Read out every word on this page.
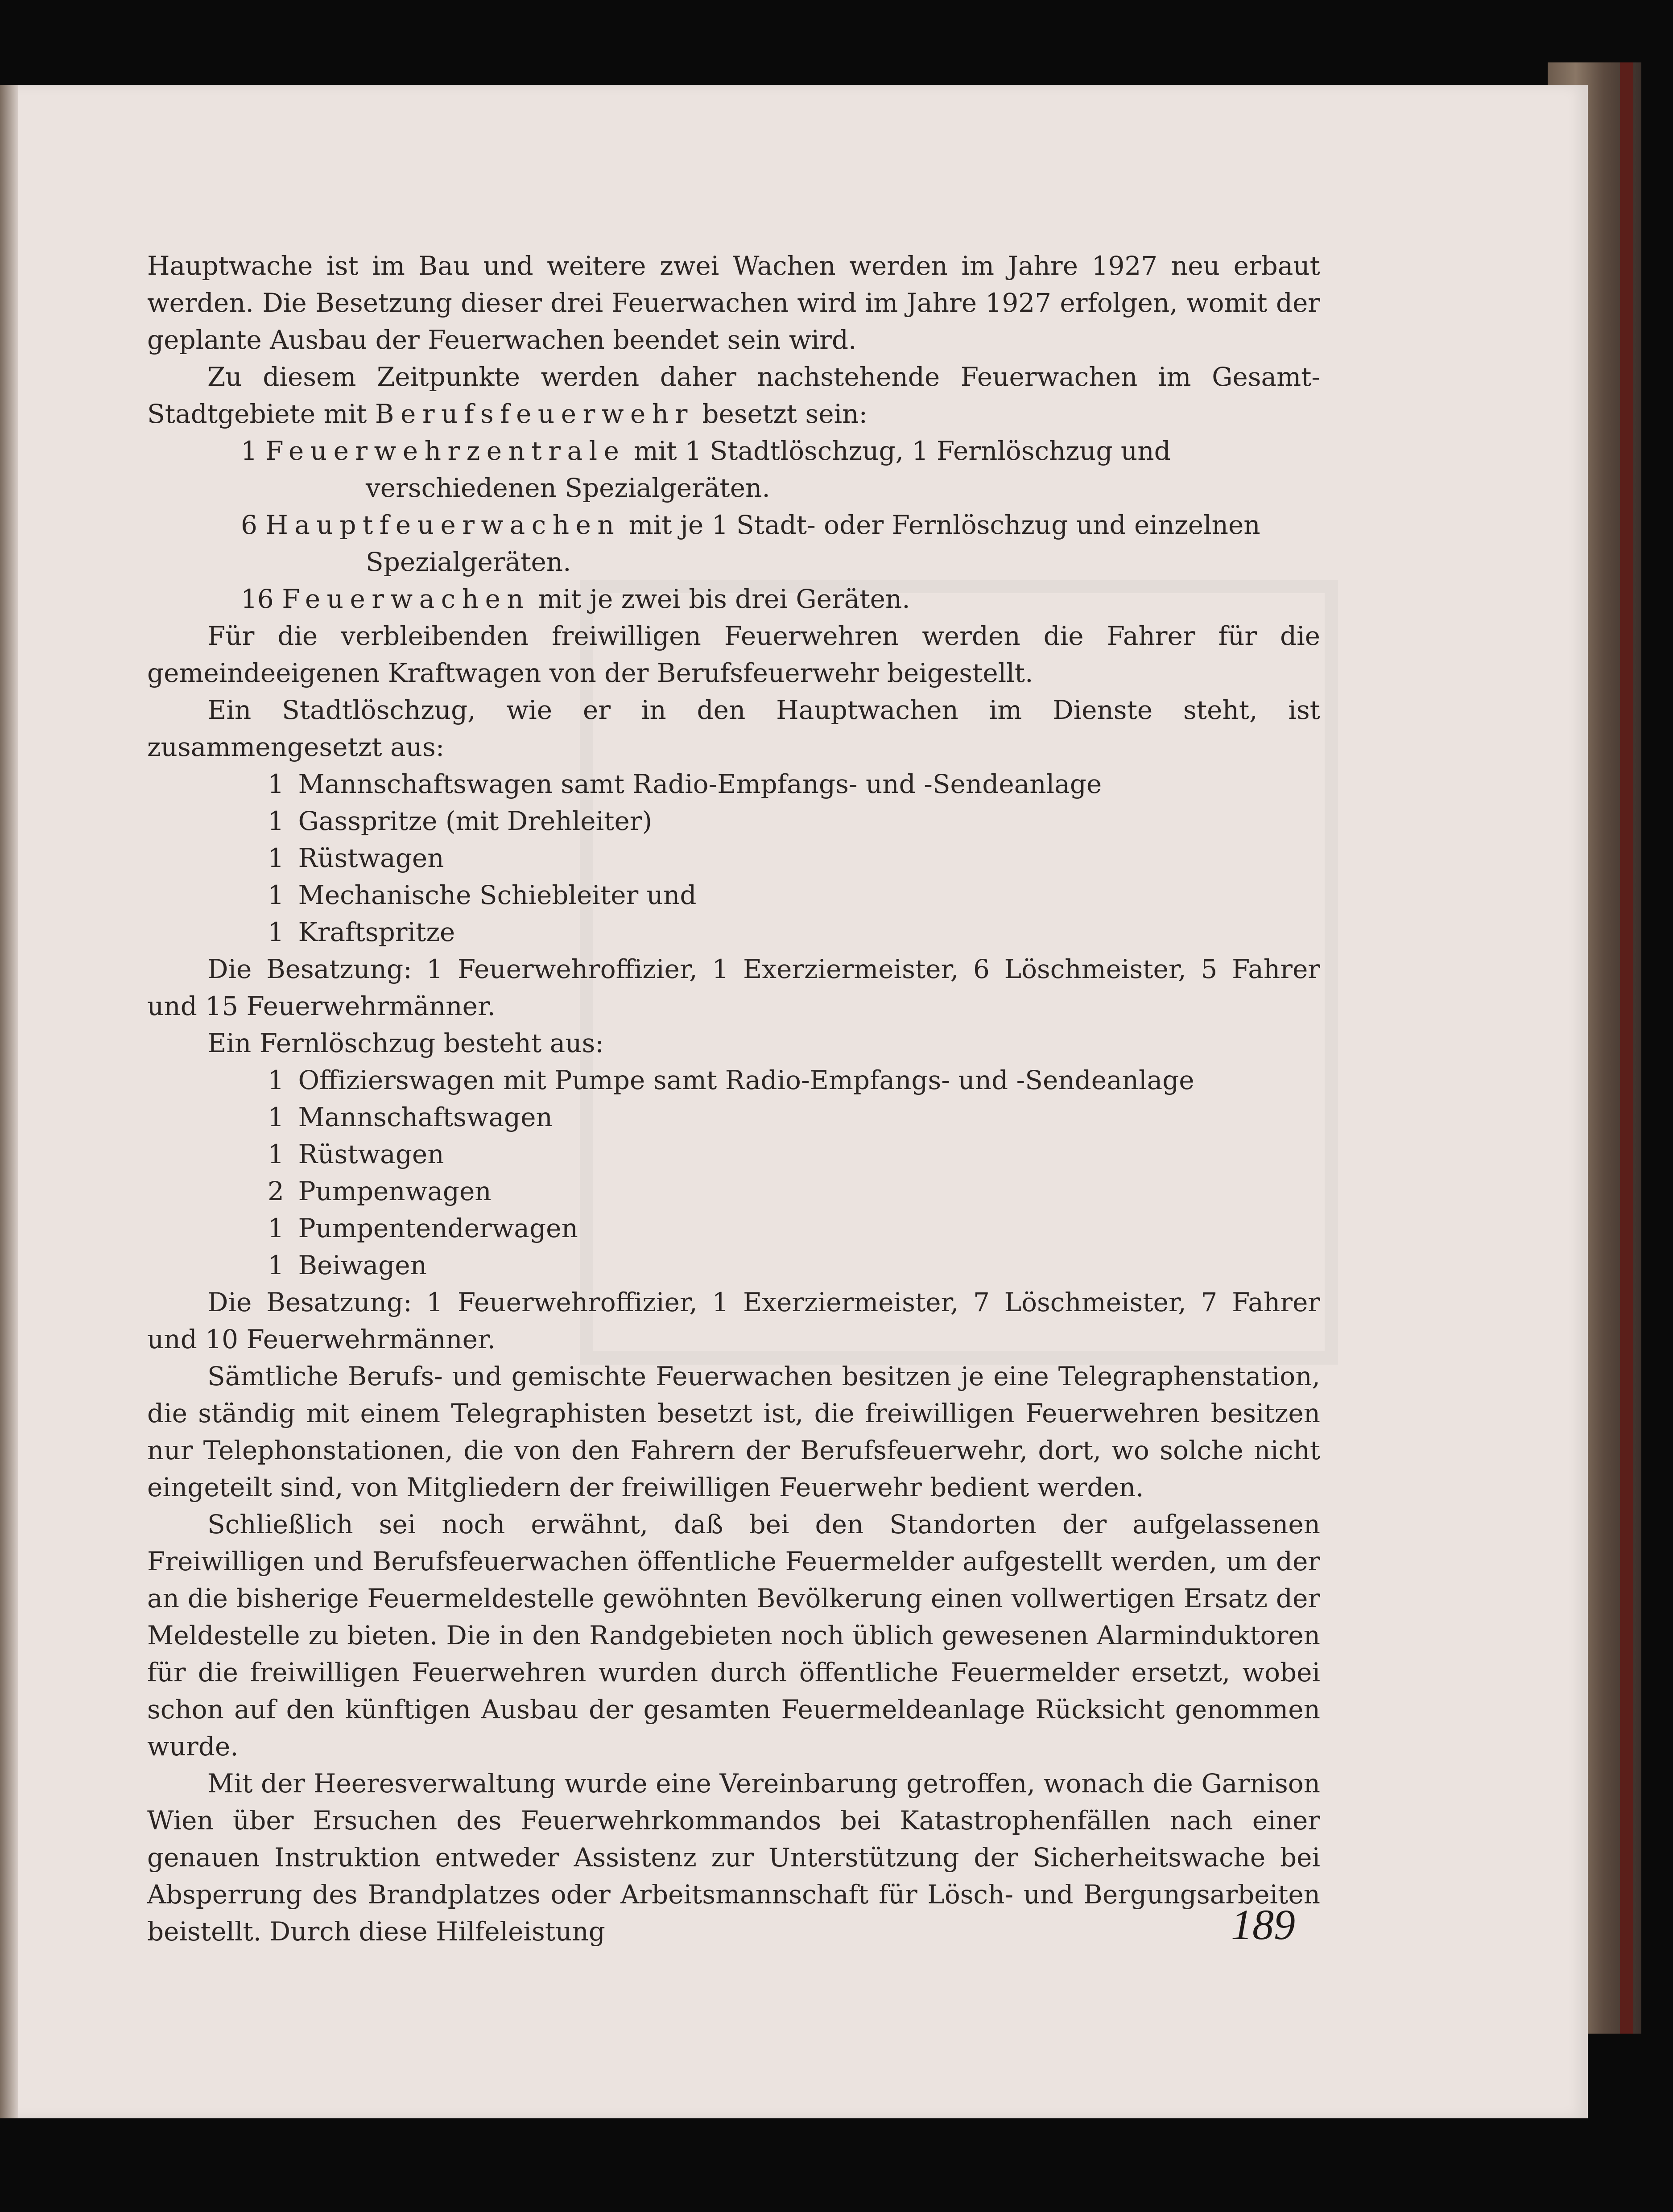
Hauptwache ist im Bau und weitere zwei Wachen werden im Jahre 1927 neu erbaut werden. Die Besetzung dieser drei Feuerwachen wird im Jahre 1927 erfolgen, womit der geplante Ausbau der Feuerwachen beendet sein wird.

Zu diesem Zeitpunkte werden daher nachstehende Feuerwachen im Gesamt-Stadtgebiete mit Berufsfeuerwehr besetzt sein:

1 Feuerwehrzentrale mit 1 Stadtlöschzug, 1 Fernlöschzug und verschiedenen Spezialgeräten.

6 Hauptfeuerwachen mit je 1 Stadt- oder Fernlöschzug und einzelnen Spezialgeräten.

16 Feuerwachen mit je zwei bis drei Geräten.

Für die verbleibenden freiwilligen Feuerwehren werden die Fahrer für die gemeindeeigenen Kraftwagen von der Berufsfeuerwehr beigestellt.

Ein Stadtlöschzug, wie er in den Hauptwachen im Dienste steht, ist zusammengesetzt aus:

1 Mannschaftswagen samt Radio-Empfangs- und -Sendeanlage

1 Gasspritze (mit Drehleiter)

1 Rüstwagen

1 Mechanische Schiebleiter und

1 Kraftspritze

Die Besatzung: 1 Feuerwehroffizier, 1 Exerziermeister, 6 Löschmeister, 5 Fahrer und 15 Feuerwehrmänner.

Ein Fernlöschzug besteht aus:

1 Offizierswagen mit Pumpe samt Radio-Empfangs- und -Sendeanlage

1 Mannschaftswagen

1 Rüstwagen

2 Pumpenwagen

1 Pumpentenderwagen

1 Beiwagen

Die Besatzung: 1 Feuerwehroffizier, 1 Exerziermeister, 7 Löschmeister, 7 Fahrer und 10 Feuerwehrmänner.

Sämtliche Berufs- und gemischte Feuerwachen besitzen je eine Telegraphenstation, die ständig mit einem Telegraphisten besetzt ist, die freiwilligen Feuerwehren besitzen nur Telephonstationen, die von den Fahrern der Berufsfeuerwehr, dort, wo solche nicht eingeteilt sind, von Mitgliedern der freiwilligen Feuerwehr bedient werden.

Schließlich sei noch erwähnt, daß bei den Standorten der aufgelassenen Freiwilligen und Berufsfeuerwachen öffentliche Feuermelder aufgestellt werden, um der an die bisherige Feuermeldestelle gewöhnten Bevölkerung einen vollwertigen Ersatz der Meldestelle zu bieten. Die in den Randgebieten noch üblich gewesenen Alarminduktoren für die freiwilligen Feuerwehren wurden durch öffentliche Feuermelder ersetzt, wobei schon auf den künftigen Ausbau der gesamten Feuermeldeanlage Rücksicht genommen wurde.

Mit der Heeresverwaltung wurde eine Vereinbarung getroffen, wonach die Garnison Wien über Ersuchen des Feuerwehrkommandos bei Katastrophenfällen nach einer genauen Instruktion entweder Assistenz zur Unterstützung der Sicherheitswache bei Absperrung des Brandplatzes oder Arbeitsmannschaft für Lösch- und Bergungsarbeiten beistellt. Durch diese Hilfeleistung	189
